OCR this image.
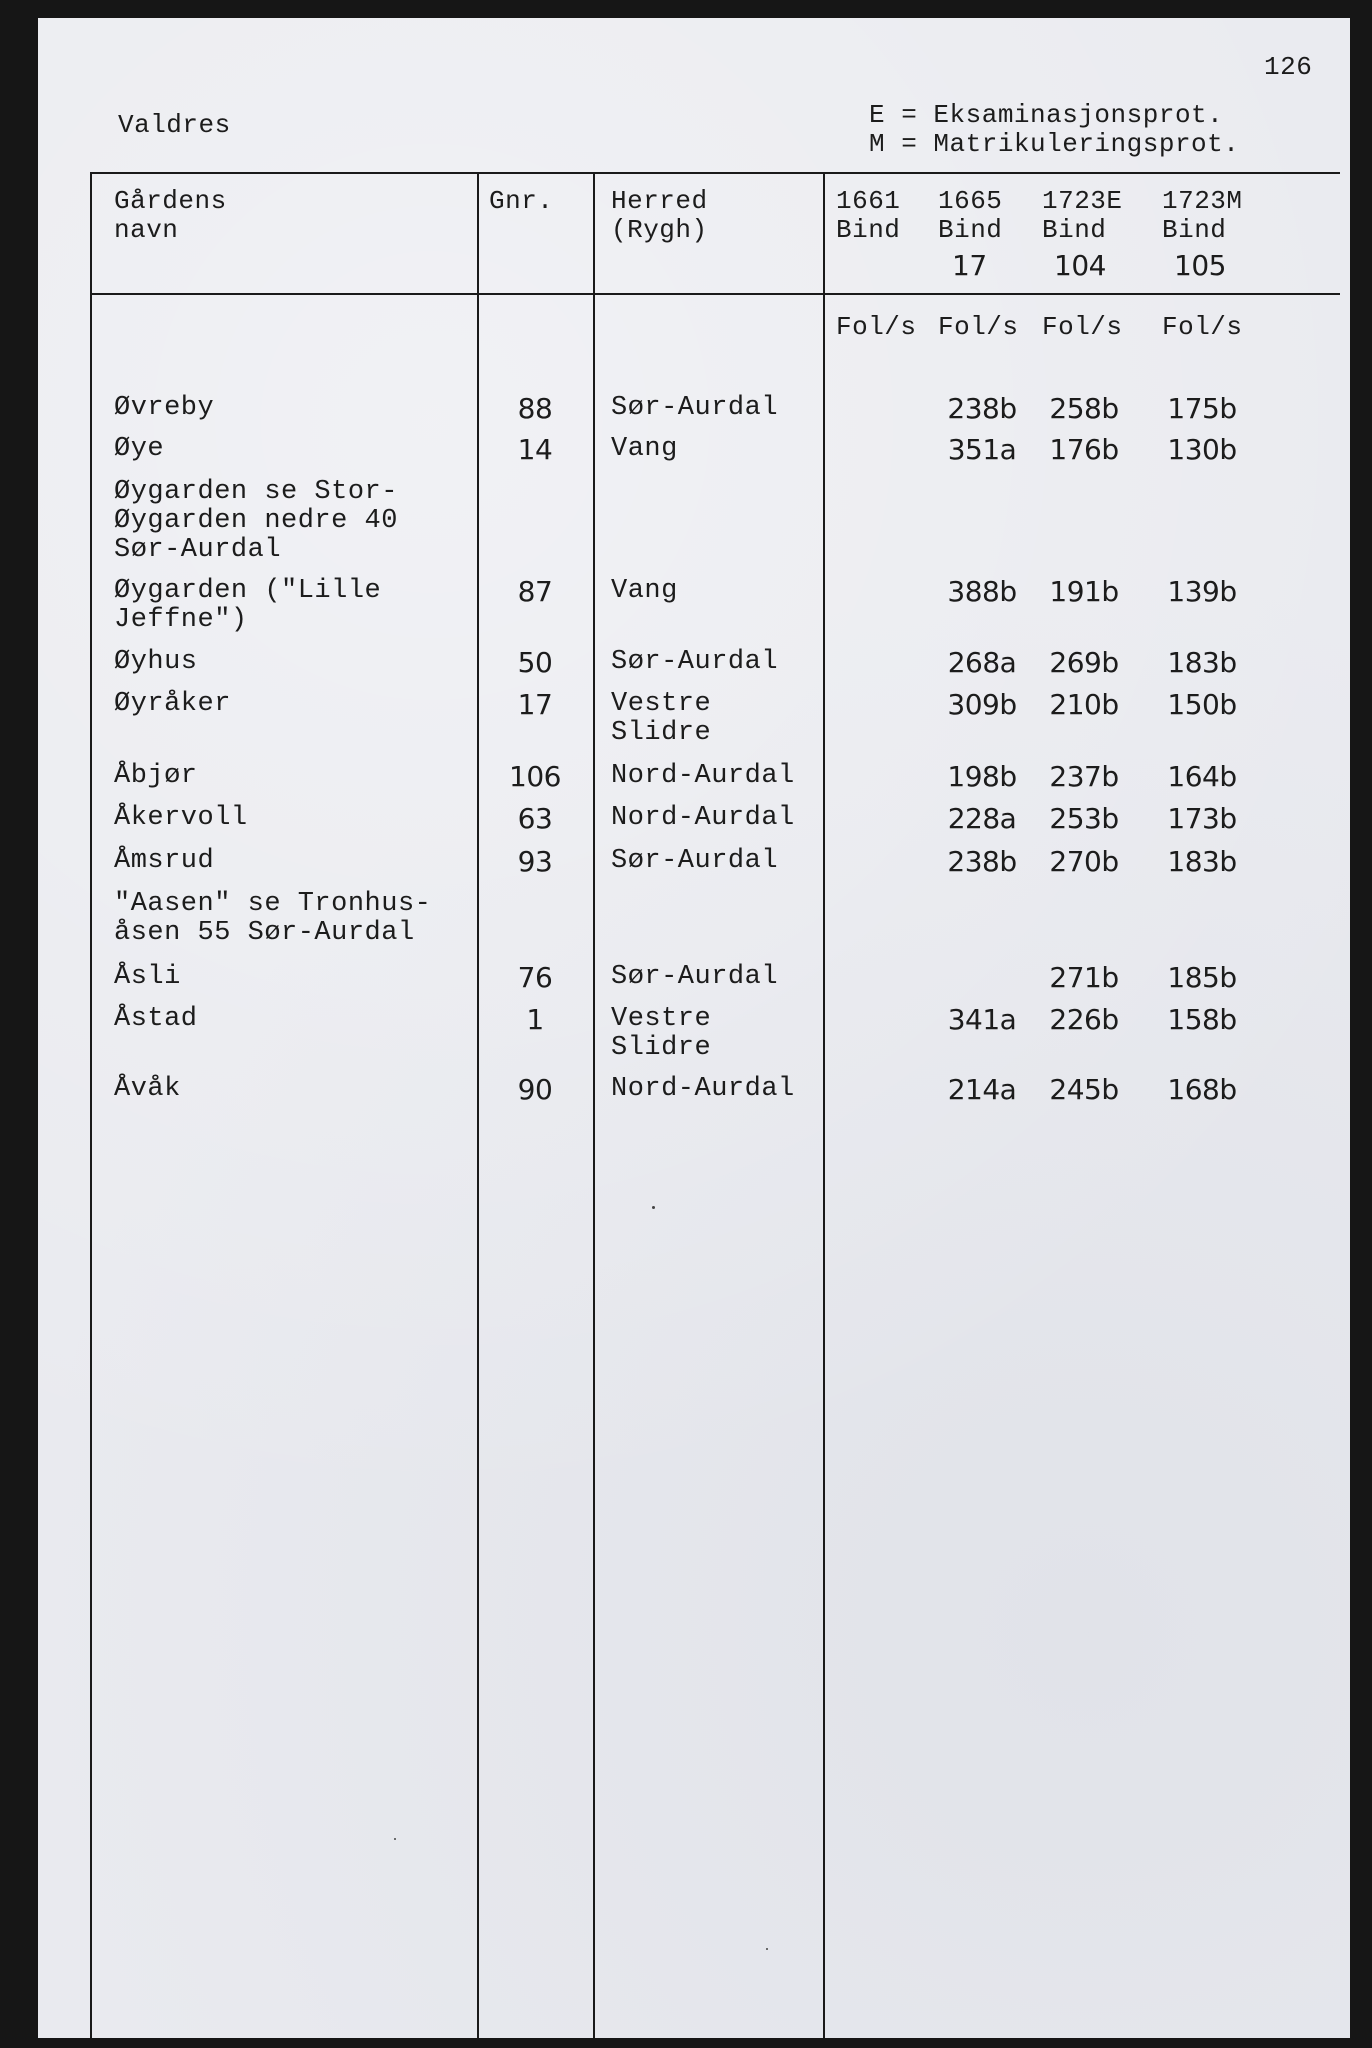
126
Valdres	E = Eksaminasjonsprot.
M = Matrikuleringsprot.
Gårdens
navn
Gnr. Herred
(Rygh)
1661
Bind
1665
Bind
17
1723E
Bind
104
1723M
Bind
105
Fol/s Fol/s Fol/s Fol/s
Øvreby	88	Sør-Aurdal	238b	258b	175b
Øye	14	Vang	351a	176b	130b
Øygarden se Stor-
Øygarden nedre 40
Sør-Aurdal
Øygarden ("Lille
Jeffne")
87	Vang	388b	191b	139b
Øyhus	50	Sør-Aurdal	268a	269b	183b
Øyråker	17	Vestre
Slidre
309b	210b	150b
Åbjør	106	Nord-Aurdal	198b	237b	164b
Åkervoll	63	Nord-Aurdal	228a	253b	173b
Åmsrud	93	Sør-Aurdal	238b	270b	183b
"Aasen" se Tronhus-
åsen 55 Sør-Aurdal
Åsli	76	Sør-Aurdal	271b	185b
Åstad	1	Vestre
Slidre
341a	226b	158b
Åvåk	90	Nord-Aurdal	214a	245b	168b
